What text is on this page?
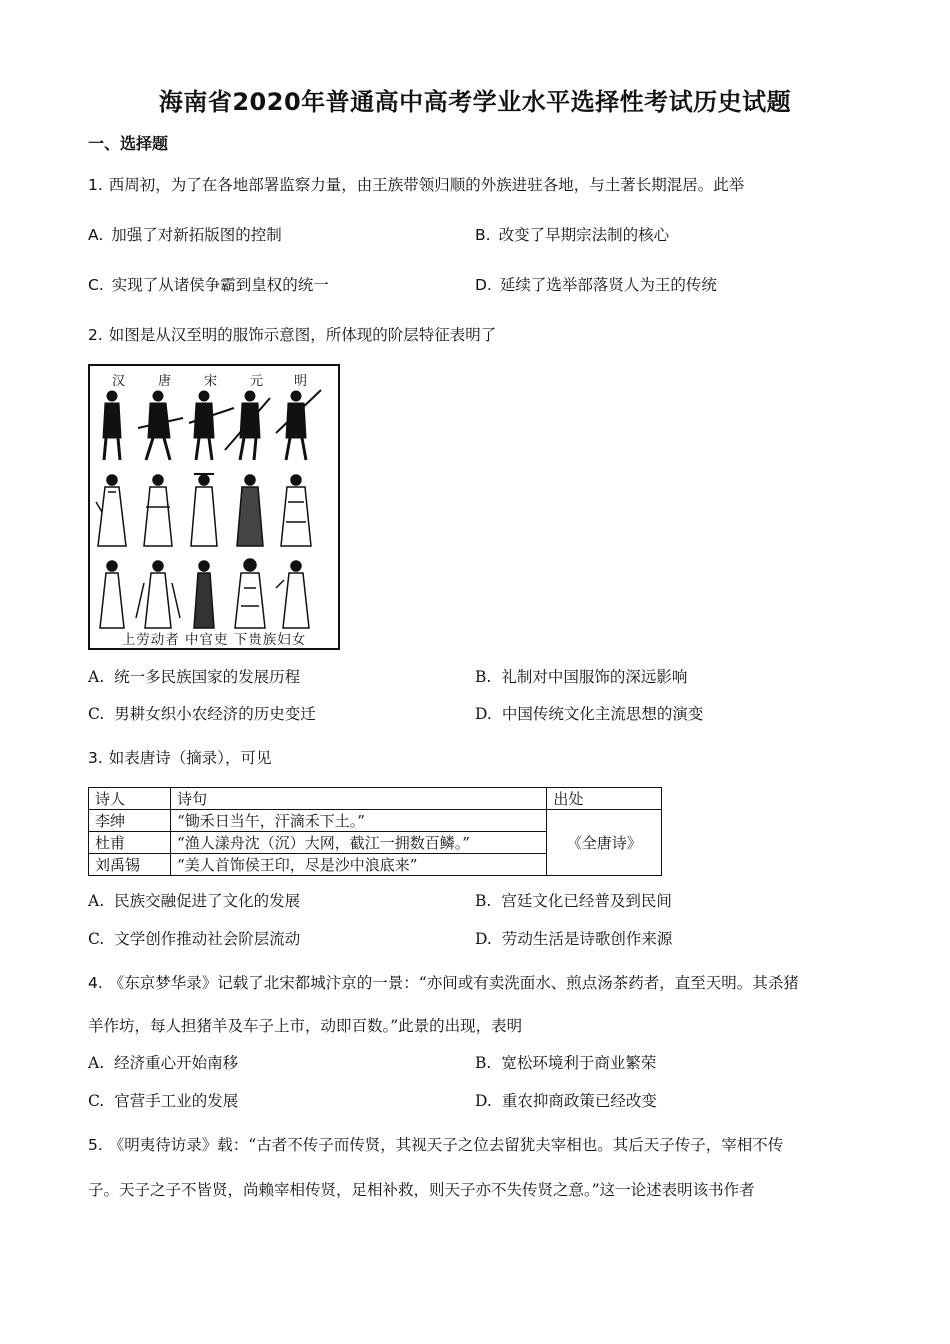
海南省2020年普通高中高考学业水平选择性考试历史试题
一、选择题
1. 西周初，为了在各地部署监察力量，由王族带领归顺的外族进驻各地，与土著长期混居。此举
A. 加强了对新拓版图的控制	B. 改变了早期宗法制的核心
C. 实现了从诸侯争霸到皇权的统一	D. 延续了选举部落贤人为王的传统
2. 如图是从汉至明的服饰示意图，所体现的阶层特征表明了
汉	唐	宋	元 明
上劳动者 中官吏 下贵族妇女
A. 统一多民族国家的发展历程	B. 礼制对中国服饰的深远影响
C. 男耕女织小农经济的历史变迁	D. 中国传统文化主流思想的演变
3. 如表唐诗（摘录），可见
诗人	诗句	出处
李绅	“锄禾日当午，汗滴禾下土。”	《全唐诗》
杜甫	“渔人漾舟沈（沉）大网，截江一拥数百鳞。”	
刘禹锡	“美人首饰侯王印，尽是沙中浪底来”	
A. 民族交融促进了文化的发展	B. 宫廷文化已经普及到民间
C. 文学创作推动社会阶层流动	D. 劳动生活是诗歌创作来源
4. 《东京梦华录》记载了北宋都城汴京的一景：“亦间或有卖洗面水、煎点汤茶药者，直至天明。其杀猪
羊作坊，每人担猪羊及车子上市，动即百数。”此景的出现，表明
A. 经济重心开始南移	B. 宽松环境利于商业繁荣
C. 官营手工业的发展	D. 重农抑商政策已经改变
5. 《明夷待访录》载：“古者不传子而传贤，其视天子之位去留犹夫宰相也。其后天子传子，宰相不传
子。天子之子不皆贤，尚赖宰相传贤，足相补救，则天子亦不失传贤之意。”这一论述表明该书作者
